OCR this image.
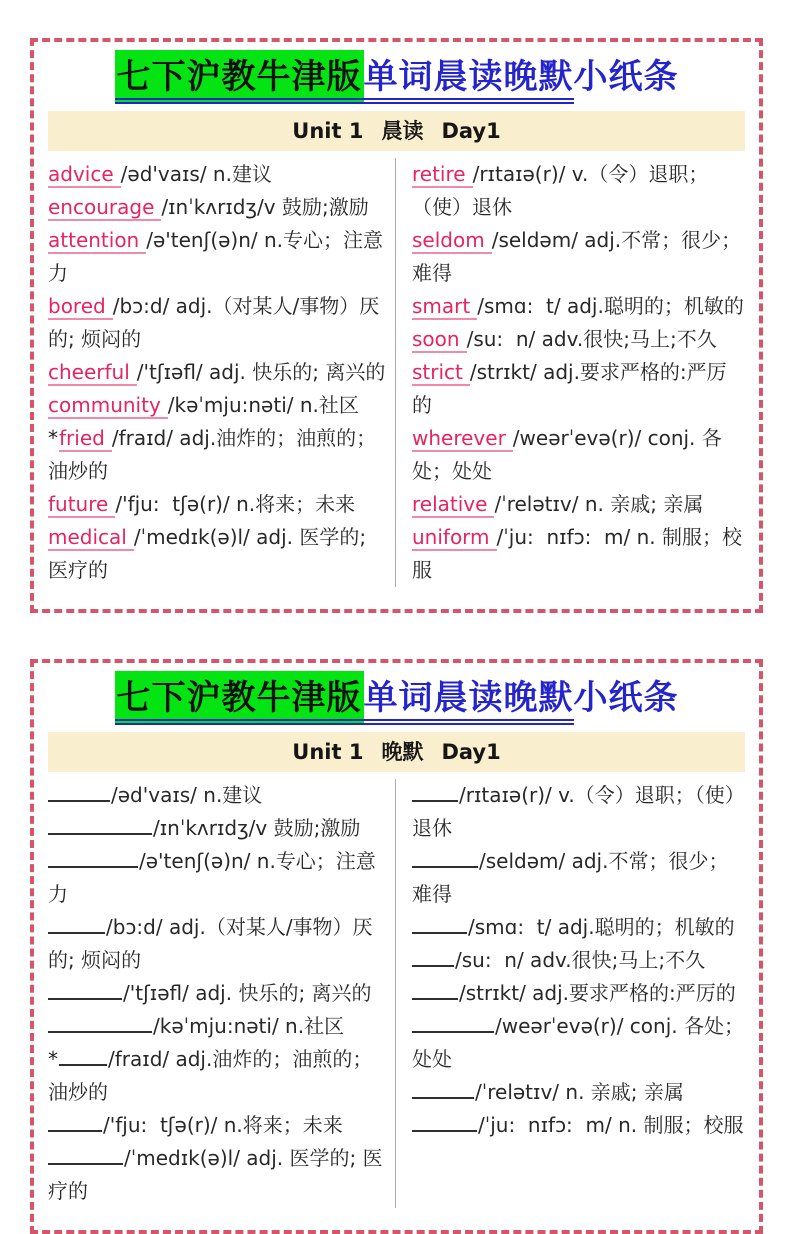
七下沪教牛津版单词晨读晚默小纸条
Unit 1 晨读 Day1
advice /əd'vaɪs/ n.建议
encourage /ɪnˈkʌrɪdʒ/v 鼓励;激励
attention /ə'tenʃ(ə)n/ n.专心；注意力
bored /bɔ:d/ adj.（对某人/事物）厌的; 烦闷的
cheerful /'tʃɪəfl/ adj. 快乐的; 离兴的
community /kəˈmju:nəti/ n.社区
*fried /fraɪd/ adj.油炸的；油煎的；油炒的
future /'fju:  tʃə(r)/ n.将来；未来
medical /ˈmedɪk(ə)l/ adj. 医学的; 医疗的
retire /rɪtaɪə(r)/ v.（令）退职；（使）退休
seldom /seldəm/ adj.不常；很少；难得
smart /smɑ:  t/ adj.聪明的；机敏的
soon /su:  n/ adv.很快;马上;不久
strict /strɪkt/ adj.要求严格的:严厉的
wherever /weərˈevə(r)/ conj. 各处；处处
relative /ˈrelətɪv/ n. 亲戚; 亲属
uniform /ˈju:  nɪfɔ:  m/ n. 制服；校服
七下沪教牛津版单词晨读晚默小纸条
Unit 1 晚默 Day1
/əd'vaɪs/ n.建议
/ɪnˈkʌrɪdʒ/v 鼓励;激励
/ə'tenʃ(ə)n/ n.专心；注意力
/bɔ:d/ adj.（对某人/事物）厌的; 烦闷的
/'tʃɪəfl/ adj. 快乐的; 离兴的
/kəˈmju:nəti/ n.社区
*	/fraɪd/ adj.油炸的；油煎的；油炒的
/'fju:  tʃə(r)/ n.将来；未来
/ˈmedɪk(ə)l/ adj. 医学的; 医疗的
/rɪtaɪə(r)/ v.（令）退职；（使）退休
/seldəm/ adj.不常；很少；难得
/smɑ:  t/ adj.聪明的；机敏的
/su:  n/ adv.很快;马上;不久
/strɪkt/ adj.要求严格的:严厉的
/weərˈevə(r)/ conj. 各处；处处
/ˈrelətɪv/ n. 亲戚; 亲属
/ˈju:  nɪfɔ:  m/ n. 制服；校服
